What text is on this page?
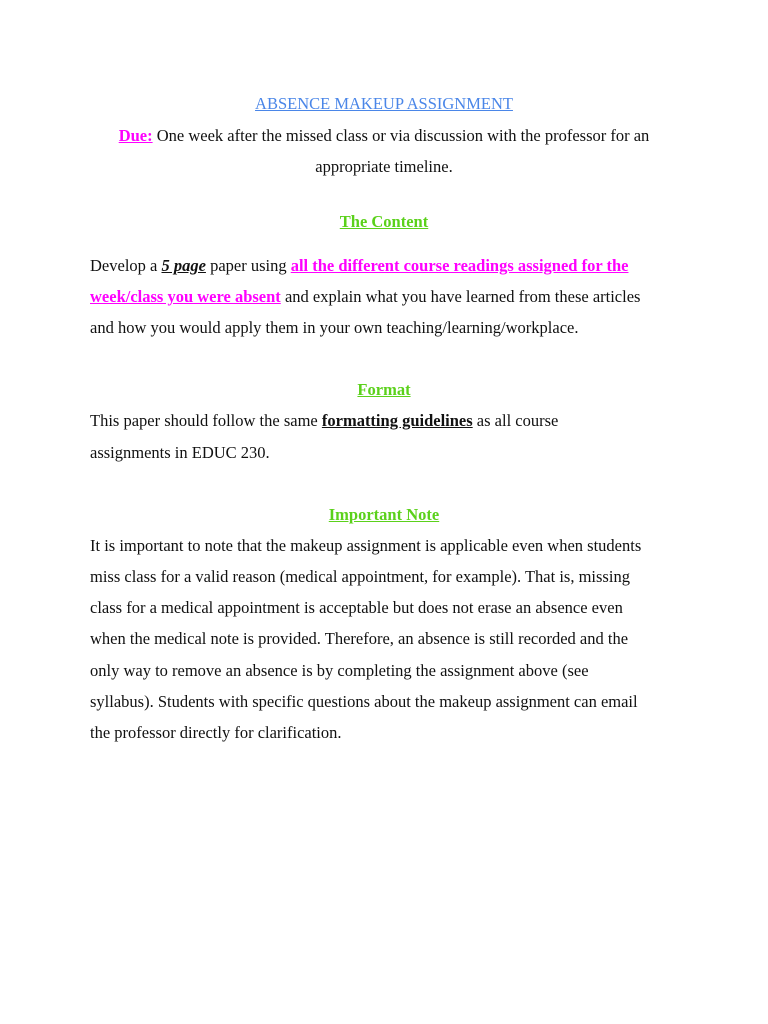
ABSENCE MAKEUP ASSIGNMENT
Due: One week after the missed class or via discussion with the professor for an
appropriate timeline.
The Content
Develop a 5 page paper using all the different course readings assigned for the
week/class you were absent and explain what you have learned from these articles
and how you would apply them in your own teaching/learning/workplace.
Format
This paper should follow the same formatting guidelines as all course
assignments in EDUC 230.
Important Note
It is important to note that the makeup assignment is applicable even when students
miss class for a valid reason (medical appointment, for example). That is, missing
class for a medical appointment is acceptable but does not erase an absence even
when the medical note is provided. Therefore, an absence is still recorded and the
only way to remove an absence is by completing the assignment above (see
syllabus). Students with specific questions about the makeup assignment can email
the professor directly for clarification.
